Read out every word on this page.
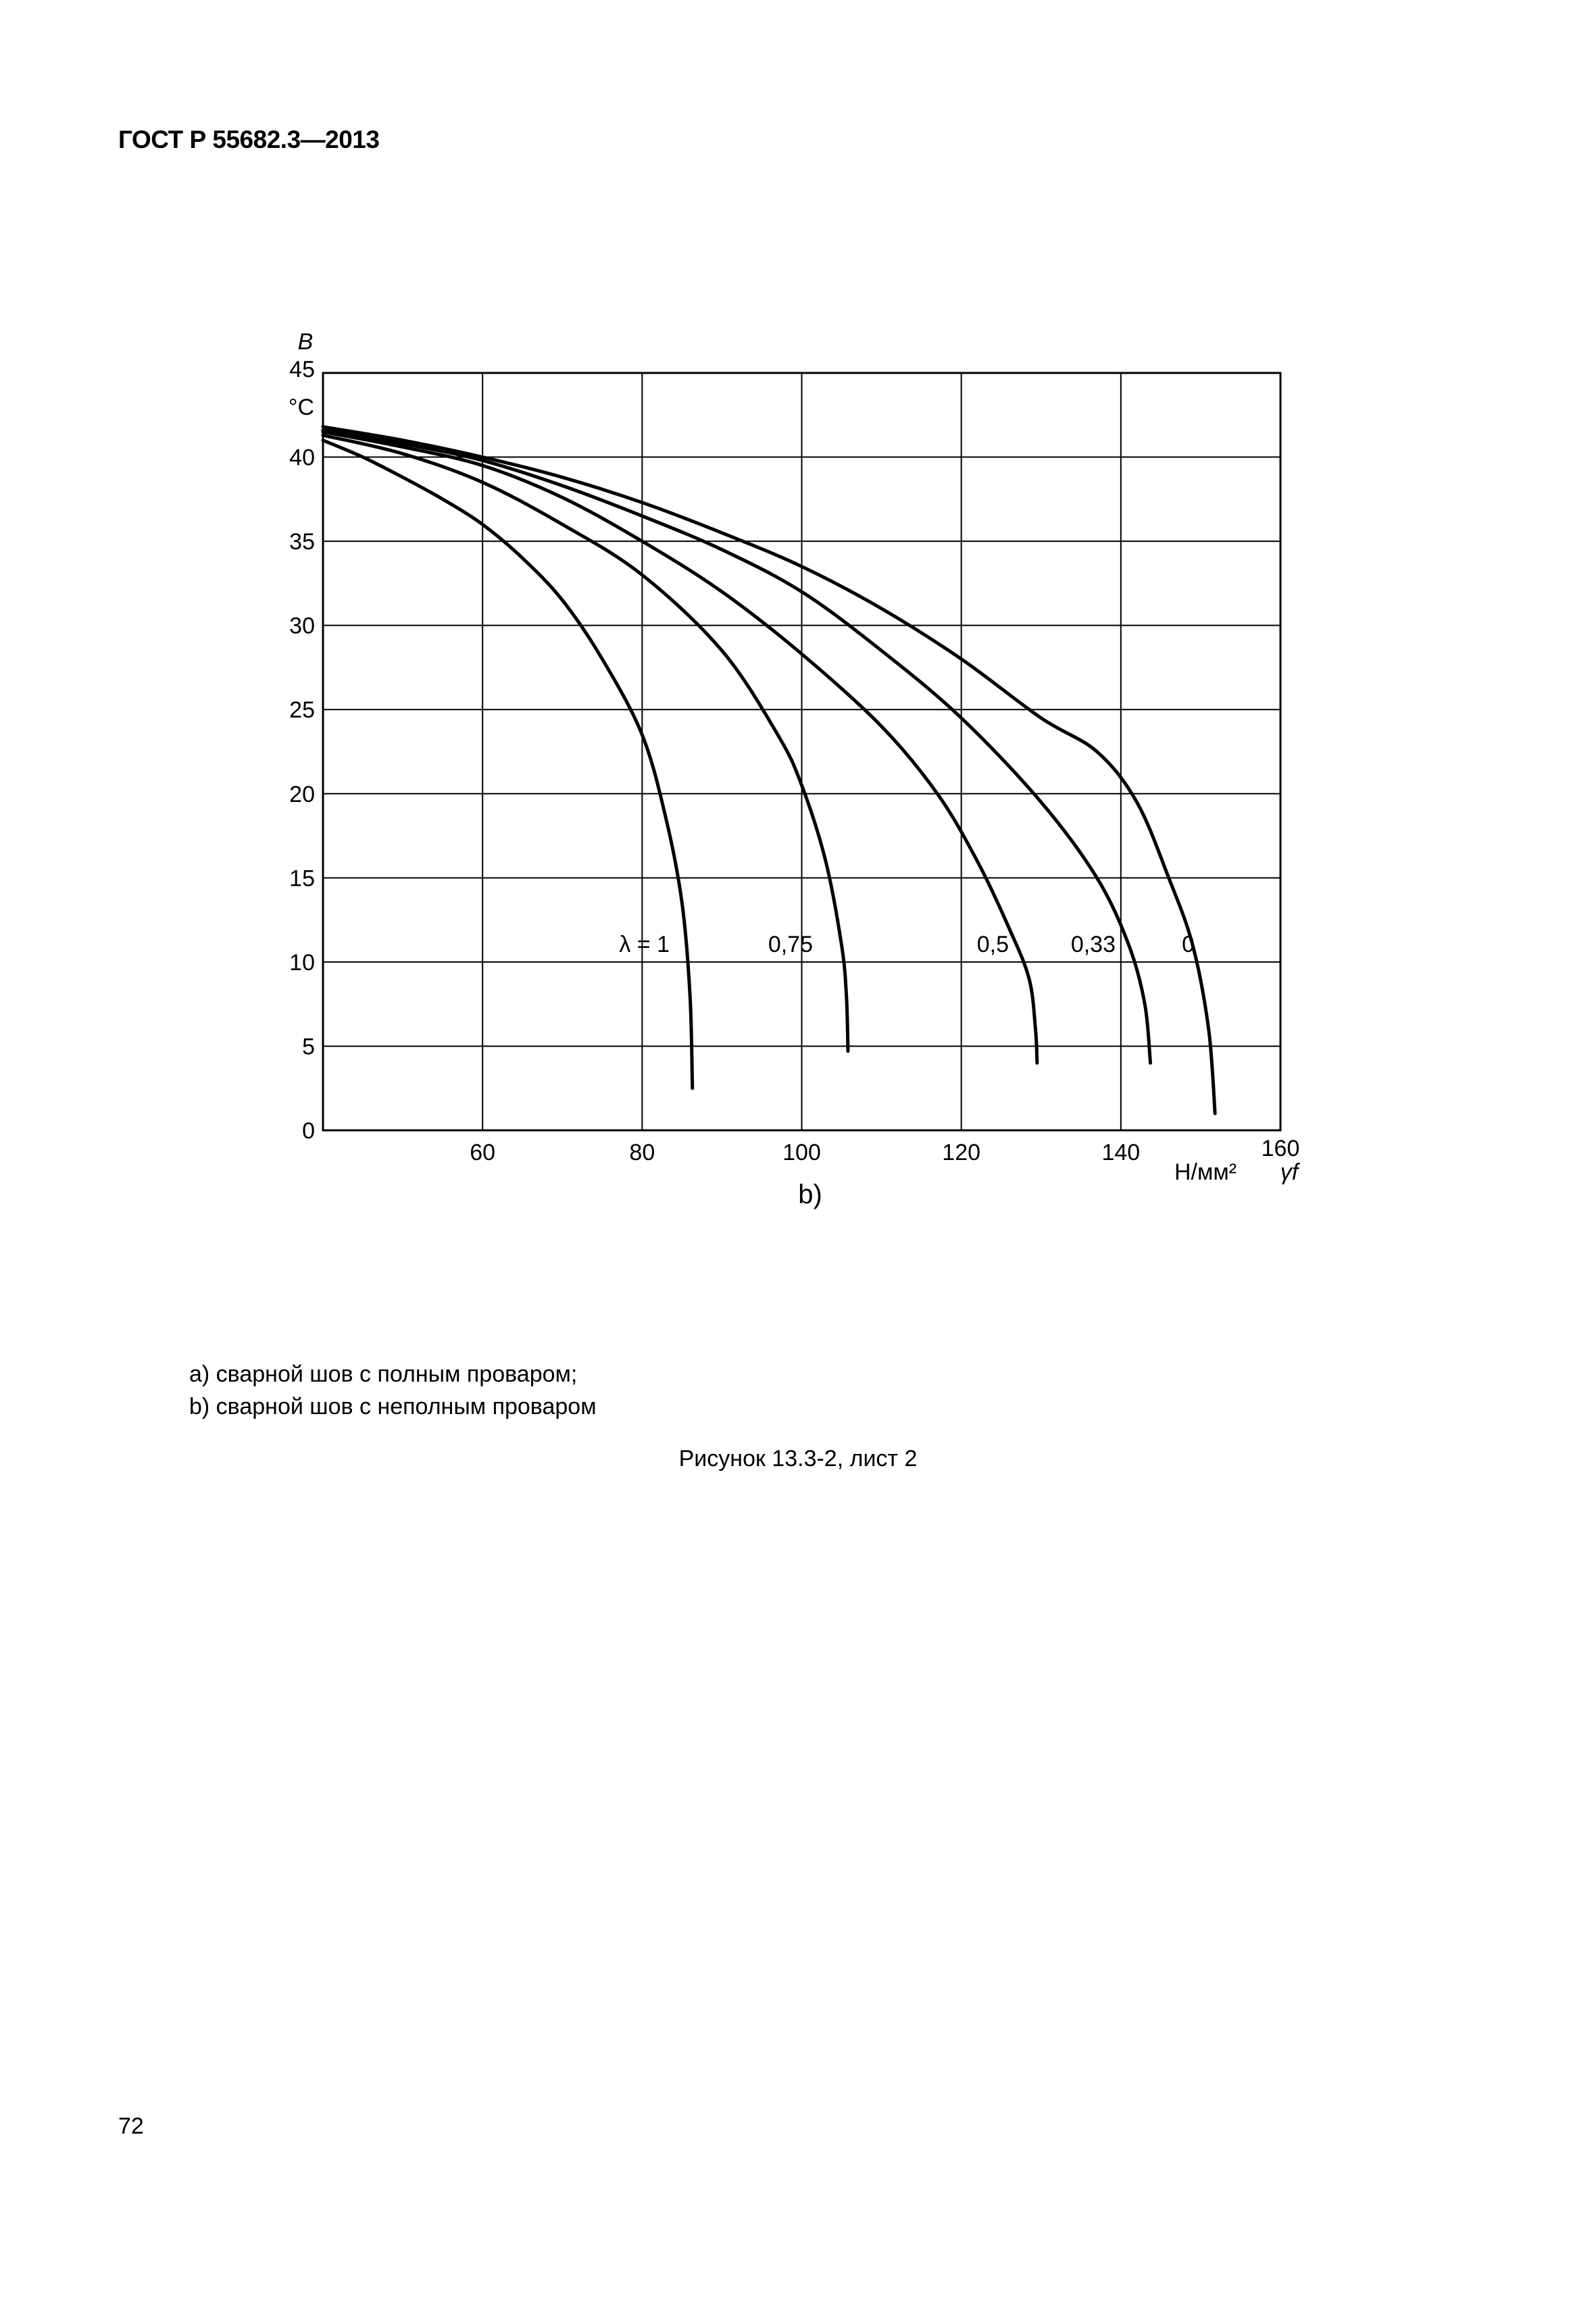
ГОСТ Р 55682.3—2013
0
5
10
15
20
25
30
35
40
45
60	80	100	120	140	160
λ = 1	0,75	0,5	0,33	0
B
°C
Н/мм² γf
b)
a) сварной шов с полным проваром;
b) сварной шов с неполным проваром
Рисунок 13.3-2, лист 2
72
